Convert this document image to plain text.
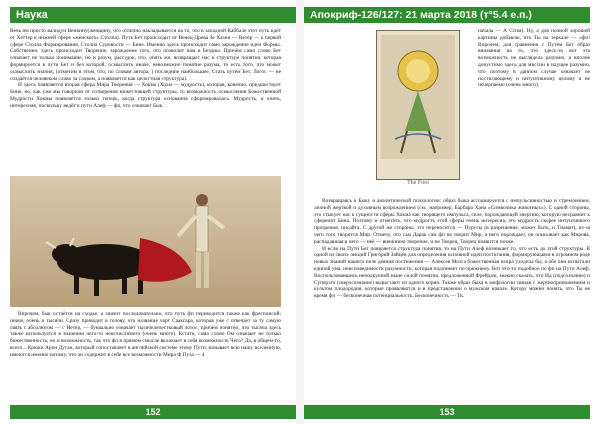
Наука

Вечь им просто валидуи Венкину(женщину, что отлично накладывается на то, что в западной Каббале этот путь идёт от Хеттер к нижней сфере «женского» Столпа). Путь Бет происходит от Венец-Древа Зе Хазни — Ветер — к первой сфере Столпа Формирования, Столпа Суровости — Бине. Именно здесь происходит само зарождение идеи Формы. Собственно, здесь происходит Творение, зарождение того, что позволит нам в Бездны. Причём само слово Бет означает не только понимание, но и разум, рассудок, что, опять же, возвращает нас к структуре понятия, которая формируется в пути Бет и без которой, осмыслить иначе, невозможно понятие разума, то есть того, что может осмыслить знания, (отметим в этом, что, по словам автора, ) последние наибольшее. Стать путём Бет. Логос — не создаётся человеком слово за словом, а появляется как целостная структура).

И здесь появляется вторая сфера Мира Творения — Хокма (Хохм — мудрость), которая, конечно, предшествует Бине, но, как уже мы говорили от сотворения нижестоящей структуры, то возможность осмысления Божественной Мудрости Хокмы появляется только теперь, когда структура основания сформировалась. Мудрость, и опять, интересная, поскольку ведёт к пути Алеф — фп, что означает Бык.

Впрочем, бык остаётся на сходке, а значит последовательно, что путь фп переводится также как фреспонсий; иначе, очень и тысячи. Сразу приводит в голову, что название чарт Сааксара, которая уже с отвечает за ту самую связь с абсолютом — с Нетер, — буквально означает тысячелепестковый лотос, причём понятно, что тысяча здесь также используется в значении чего-то неисчислимого (очень много). Кстати, само слово Ом означает не только божественность, но и возможность, так что фп в прямом смысле включает в себя возможность Чего? Да, в общем-то, всего... Крюки Арон Дуган, который сопоставляет в английской системе этому Пути, называет всю нашу вселенную, имеются именно потому, что он содержит в себе все возможности Мира Ф Пуза — 4

152
Апокриф-126/127: 21 марта 2018 (т°5.4 е.п.)

начала — А Стим). Ну, а для полной хорошей картины добавлю, что Ты на зеркале — «фп! Впрочем, для сравнения с Путём Бет образ внимания на то, что здесь-то вот эта возможность не выглядела разумно, а вполне допустимо здесь для миссии в идущее разумно, что поэтому в данном случае означает не постигающему и интуитивному целому и не исчерпаемо (очень много).

The Fool

Возвращаясь к Быку и аналитической психологии: образ быка ассоциируется с импульсивностью и стремлением, личной жертвой и духовным возрождением (см., например, Барбара Хана «Символика животных»). С одной стороны, это стыкует нас к сущности сферы Хокма как творящего импульса, силе, порождающей энергию, которую несравнит к сфереинт Бина. Поэтому и отметить, что мудрость этой сферы очень интересна, это мудрость скорее интуитивного прозрения, инсайта. С другой же стороны, это переносится — Пурусы (в разрешение, может быть, и Тиамат), из-за чего того творится Мир. Отмечу, что сам Дарак сам фп не творит Мир, а него порождает, он описывает как Мирова, распадавшая в него — неё — внешнюю творение, и не Творец, Творец появится позже.

И если на Пути Бет появляется структура понятия, то на Пути Алеф возникает то, что есть до этой структуры. В одной из своих лекций Григорий Зайцев для определения основной идеи постигания, формирующаяся в огромном роде новых знаний нашего поле деяния постижения — Алексея Мозга божественная искра уходила бы, а обе они испытали единой ума, неисповедимости разумности, которая подчиняет по-прежнему. Вот что-то подобное по фп на Пути Алеф. Воспользовавшись неподкупной ныне силой понятия, предложенной Фрейдом, можно сказать, что Ид (подсознание) и Суперэго (сверхсознание) вырастают из одного корня. Также образ быка в мифологии связан с жертвоприношением и культом плодородия, которые проявляются и в представлении о мужском начале. Котору можно понять, что Ты не время фп — бесконечная потенциальность. Бесконечность — Тк.

153
